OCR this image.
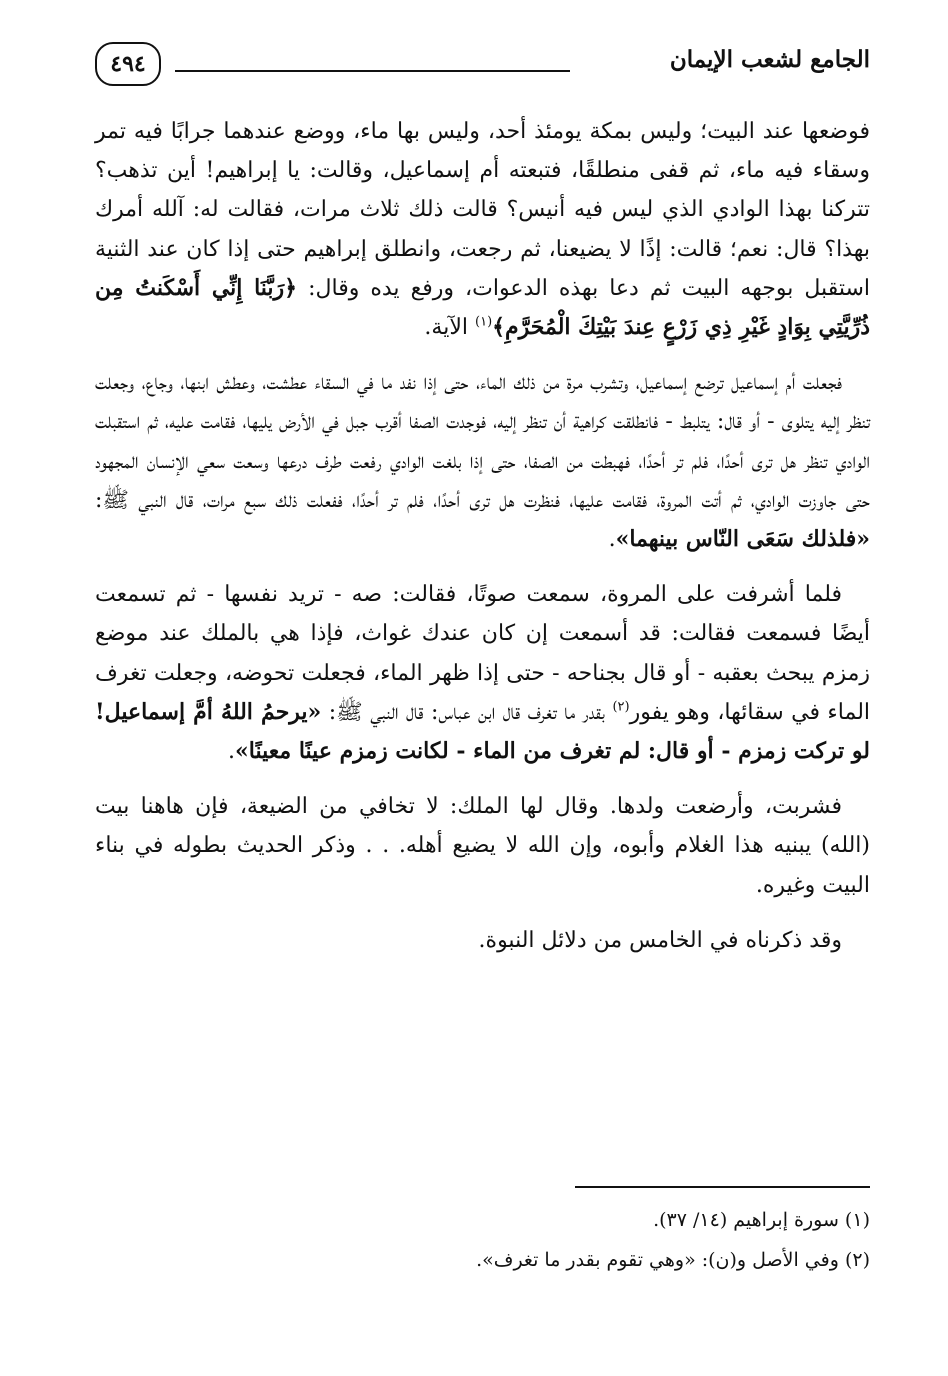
الجامع لشعب الإيمان
٤٩٤

فوضعها عند البيت؛ وليس بمكة يومئذ أحد، وليس بها ماء، ووضع عندهما جرابًا فيه تمر وسقاء فيه ماء، ثم قفى منطلقًا، فتبعته أم إسماعيل، وقالت: يا إبراهيم! أين تذهب؟ تتركنا بهذا الوادي الذي ليس فيه أنيس؟ قالت ذلك ثلاث مرات، فقالت له: آلله أمرك بهذا؟ قال: نعم؛ قالت: إذًا لا يضيعنا، ثم رجعت، وانطلق إبراهيم حتى إذا كان عند الثنية استقبل بوجهه البيت ثم دعا بهذه الدعوات، ورفع يده وقال: ﴿رَبَّنَا إِنِّي أَسْكَنتُ مِن ذُرِّيَّتِي بِوَادٍ غَيْرِ ذِي زَرْعٍ عِندَ بَيْتِكَ الْمُحَرَّمِ﴾$^{(١)}$ الآية.

فجعلت أم إسماعيل ترضع إسماعيل، وتشرب مرة من ذلك الماء، حتى إذا نفد ما في السقاء عطشت، وعطش ابنها، وجاع، وجعلت تنظر إليه يتلوى - أو قال: يتلبط - فانطلقت كراهية أن تنظر إليه، فوجدت الصفا أقرب جبل في الأرض يليها، فقامت عليه، ثم استقبلت الوادي تنظر هل ترى أحدًا، فلم تر أحدًا، فهبطت من الصفا، حتى إذا بلغت الوادي رفعت طرف درعها وسعت سعي الإنسان المجهود حتى جاوزت الوادي، ثم أتت المروة، فقامت عليها، فنظرت هل ترى أحدًا، فلم تر أحدًا، ففعلت ذلك سبع مرات، قال النبي ﷺ: «فلذلك سَعَى النّاس بينهما».

فلما أشرفت على المروة، سمعت صوتًا، فقالت: صه - تريد نفسها - ثم تسمعت أيضًا فسمعت فقالت: قد أسمعت إن كان عندك غواث، فإذا هي بالملك عند موضع زمزم يبحث بعقبه - أو قال بجناحه - حتى إذا ظهر الماء، فجعلت تحوضه، وجعلت تغرف الماء في سقائها، وهو يفور$^{(٢)}$ بقدر ما تغرف قال ابن عباس: قال النبي ﷺ: «يرحمُ اللهُ أمَّ إسماعيل! لو تركت زمزم - أو قال: لم تغرف من الماء - لكانت زمزم عينًا معينًا».

فشربت، وأرضعت ولدها. وقال لها الملك: لا تخافي من الضيعة، فإن هاهنا بيت (الله) يبنيه هذا الغلام وأبوه، وإن الله لا يضيع أهله. . . وذكر الحديث بطوله في بناء البيت وغيره.

وقد ذكرناه في الخامس من دلائل النبوة.

(١) سورة إبراهيم (١٤/ ٣٧).
(٢) وفي الأصل و(ن): «وهي تقوم بقدر ما تغرف».
